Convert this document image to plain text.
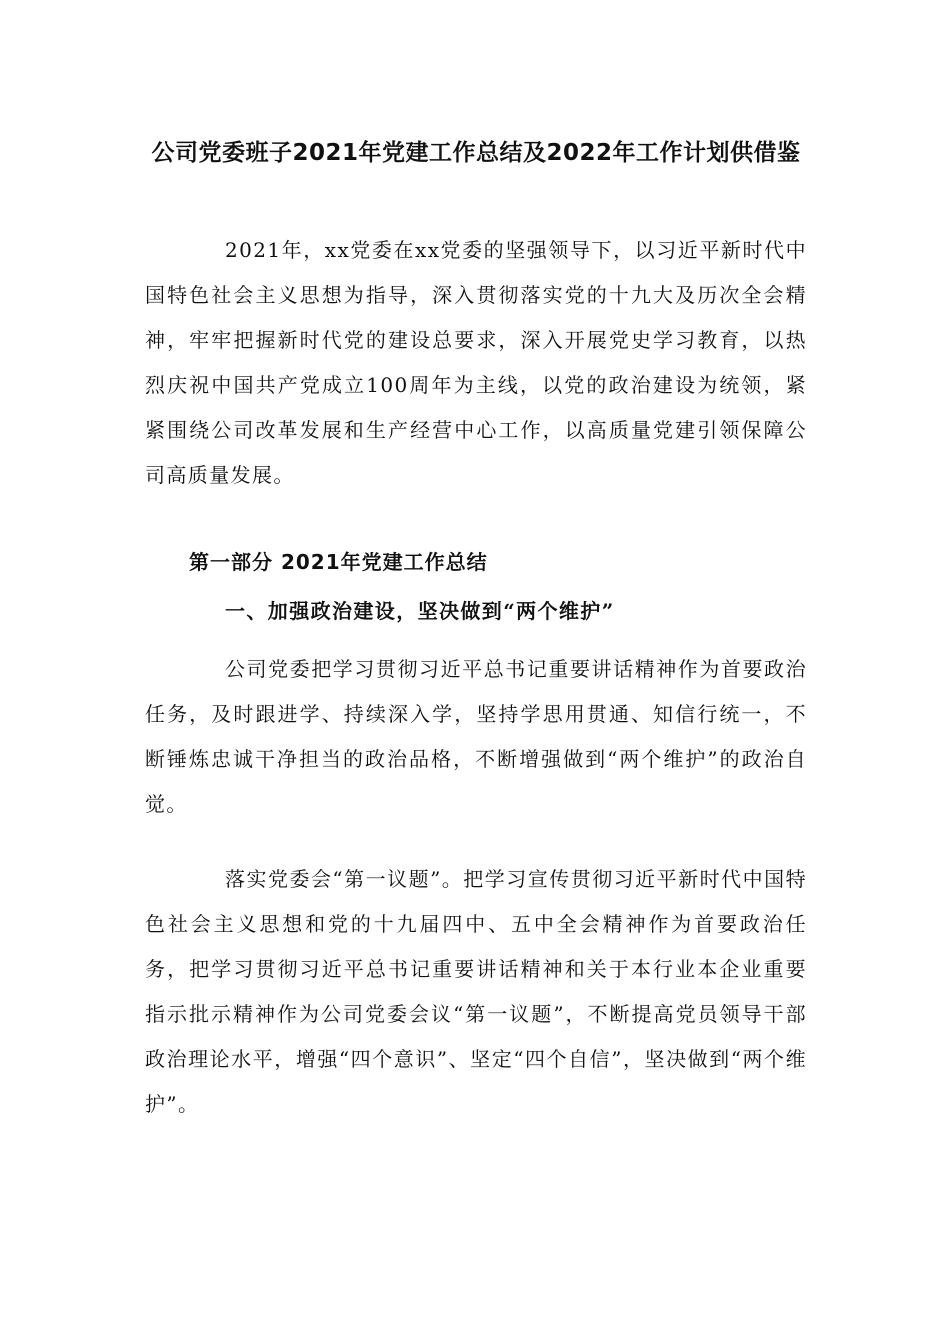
公司党委班子2021年党建工作总结及2022年工作计划供借鉴

2021年，xx党委在xx党委的坚强领导下，以习近平新时代中国特色社会主义思想为指导，深入贯彻落实党的十九大及历次全会精神，牢牢把握新时代党的建设总要求，深入开展党史学习教育，以热烈庆祝中国共产党成立100周年为主线，以党的政治建设为统领，紧紧围绕公司改革发展和生产经营中心工作，以高质量党建引领保障公司高质量发展。

第一部分 2021年党建工作总结
一、加强政治建设，坚决做到“两个维护”

公司党委把学习贯彻习近平总书记重要讲话精神作为首要政治任务，及时跟进学、持续深入学，坚持学思用贯通、知信行统一，不断锤炼忠诚干净担当的政治品格，不断增强做到“两个维护”的政治自觉。

落实党委会“第一议题”。把学习宣传贯彻习近平新时代中国特色社会主义思想和党的十九届四中、五中全会精神作为首要政治任务，把学习贯彻习近平总书记重要讲话精神和关于本行业本企业重要指示批示精神作为公司党委会议“第一议题”，不断提高党员领导干部政治理论水平，增强“四个意识”、坚定“四个自信”，坚决做到“两个维护”。
